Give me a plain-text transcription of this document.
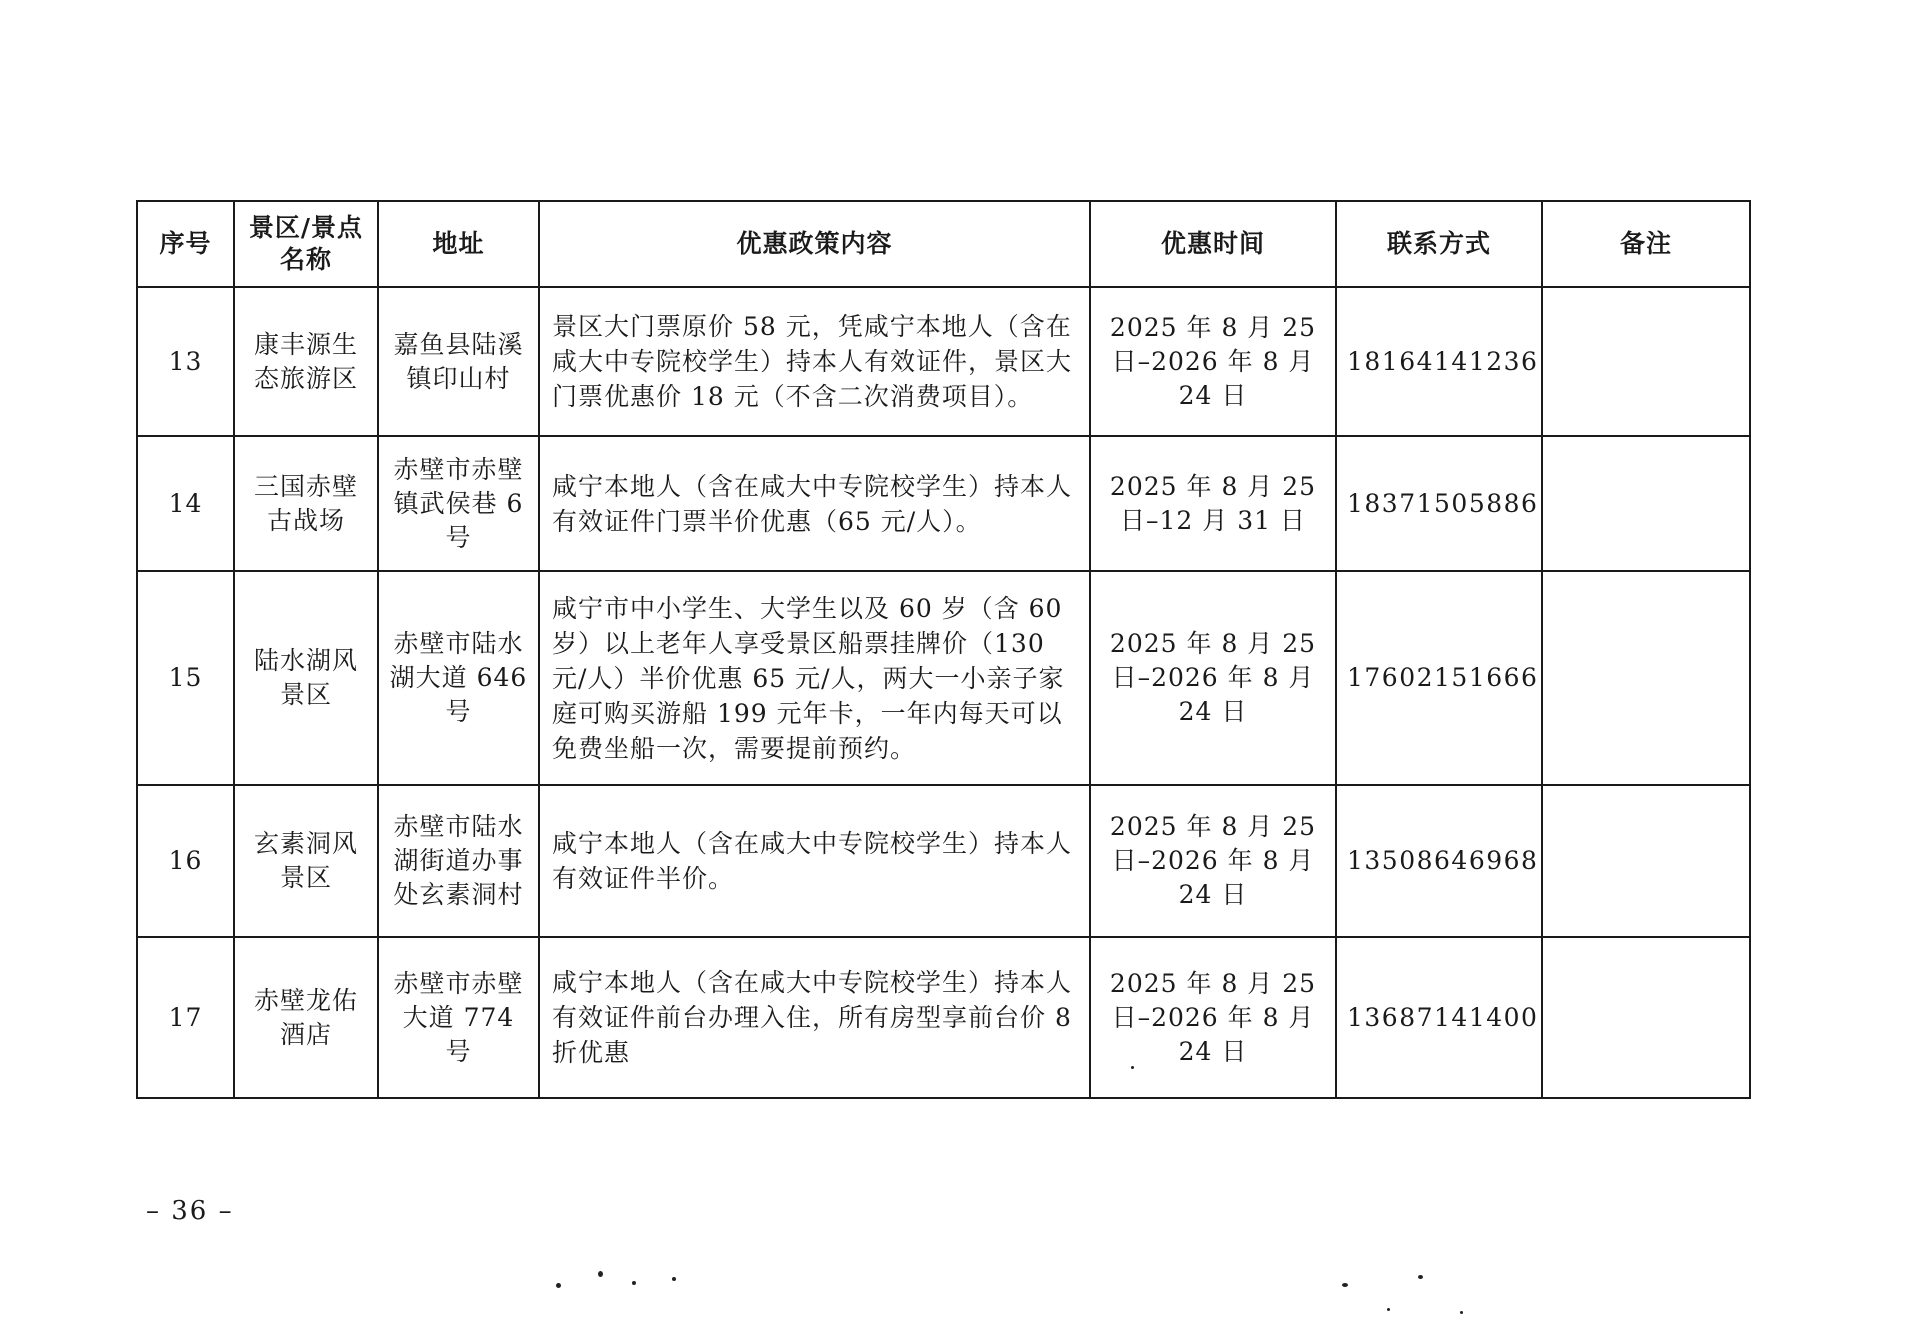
序号	景区/景点名称	地址	优惠政策内容	优惠时间	联系方式	备注
13	康丰源生态旅游区	嘉鱼县陆溪镇印山村	景区大门票原价 58 元，凭咸宁本地人（含在咸大中专院校学生）持本人有效证件，景区大门票优惠价 18 元（不含二次消费项目）。	2025 年 8 月 25 日–2026 年 8 月 24 日	18164141236	
14	三国赤壁古战场	赤壁市赤壁镇武侯巷 6 号	咸宁本地人（含在咸大中专院校学生）持本人有效证件门票半价优惠（65 元/人）。	2025 年 8 月 25 日–12 月 31 日	18371505886	
15	陆水湖风景区	赤壁市陆水湖大道 646 号	咸宁市中小学生、大学生以及 60 岁（含 60 岁）以上老年人享受景区船票挂牌价（130 元/人）半价优惠 65 元/人，两大一小亲子家庭可购买游船 199 元年卡，一年内每天可以免费坐船一次，需要提前预约。	2025 年 8 月 25 日–2026 年 8 月 24 日	17602151666	
16	玄素洞风景区	赤壁市陆水湖街道办事处玄素洞村	咸宁本地人（含在咸大中专院校学生）持本人有效证件半价。	2025 年 8 月 25 日–2026 年 8 月 24 日	13508646968	
17	赤壁龙佑酒店	赤壁市赤壁大道 774 号	咸宁本地人（含在咸大中专院校学生）持本人有效证件前台办理入住，所有房型享前台价 8 折优惠	2025 年 8 月 25 日–2026 年 8 月 24 日	13687141400	
– 36 –
